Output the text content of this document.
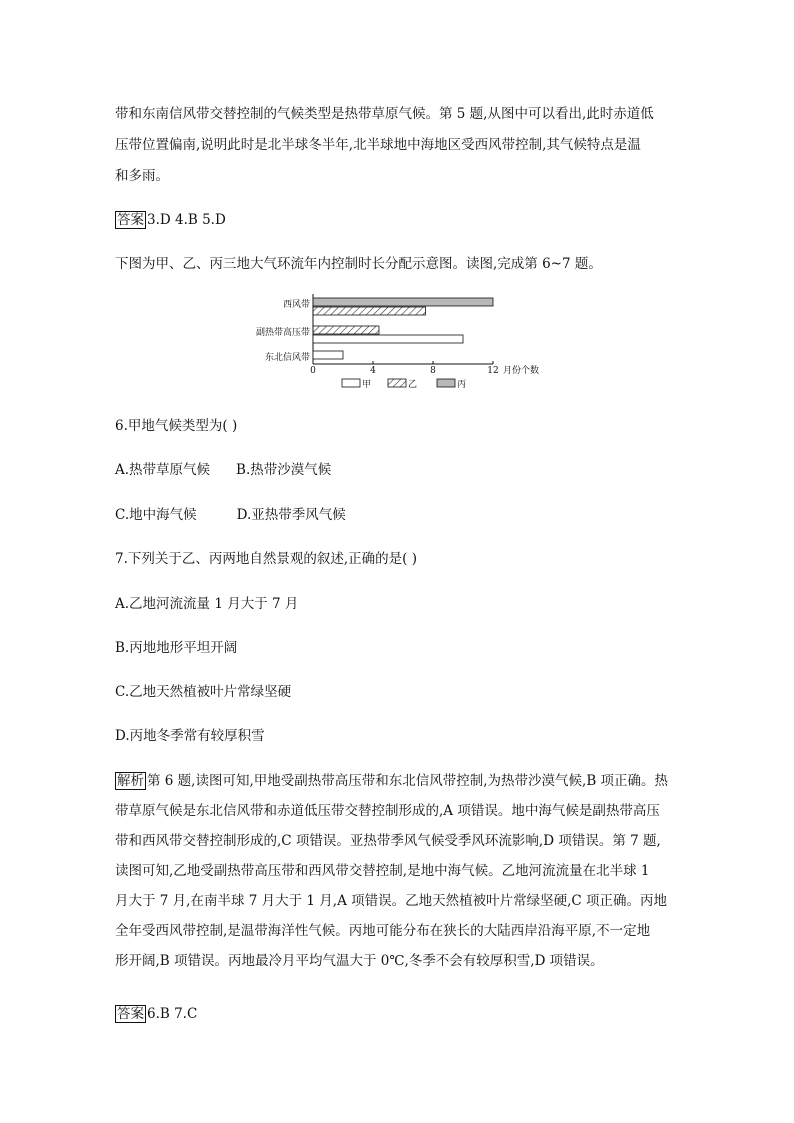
带和东南信风带交替控制的气候类型是热带草原气候。第 5 题,从图中可以看出,此时赤道低
压带位置偏南,说明此时是北半球冬半年,北半球地中海地区受西风带控制,其气候特点是温
和多雨。
答案 3.D 4.B 5.D
下图为甲、乙、丙三地大气环流年内控制时长分配示意图。读图,完成第 6~7 题。
西风带
副热带高压带
东北信风带
0	4	8	12 月份个数
甲	乙	丙
6.甲地气候类型为( )
A.热带草原气候 B.热带沙漠气候
C.地中海气候	D.亚热带季风气候
7.下列关于乙、丙两地自然景观的叙述,正确的是( )
A.乙地河流流量 1 月大于 7 月
B.丙地地形平坦开阔
C.乙地天然植被叶片常绿坚硬
D.丙地冬季常有较厚积雪
解析 第 6 题,读图可知,甲地受副热带高压带和东北信风带控制,为热带沙漠气候,B 项正确。热
带草原气候是东北信风带和赤道低压带交替控制形成的,A 项错误。地中海气候是副热带高压
带和西风带交替控制形成的,C 项错误。亚热带季风气候受季风环流影响,D 项错误。第 7 题,
读图可知,乙地受副热带高压带和西风带交替控制,是地中海气候。乙地河流流量在北半球 1
月大于 7 月,在南半球 7 月大于 1 月,A 项错误。乙地天然植被叶片常绿坚硬,C 项正确。丙地
全年受西风带控制,是温带海洋性气候。丙地可能分布在狭长的大陆西岸沿海平原,不一定地
形开阔,B 项错误。丙地最冷月平均气温大于 0℃,冬季不会有较厚积雪,D 项错误。
答案 6.B 7.C
